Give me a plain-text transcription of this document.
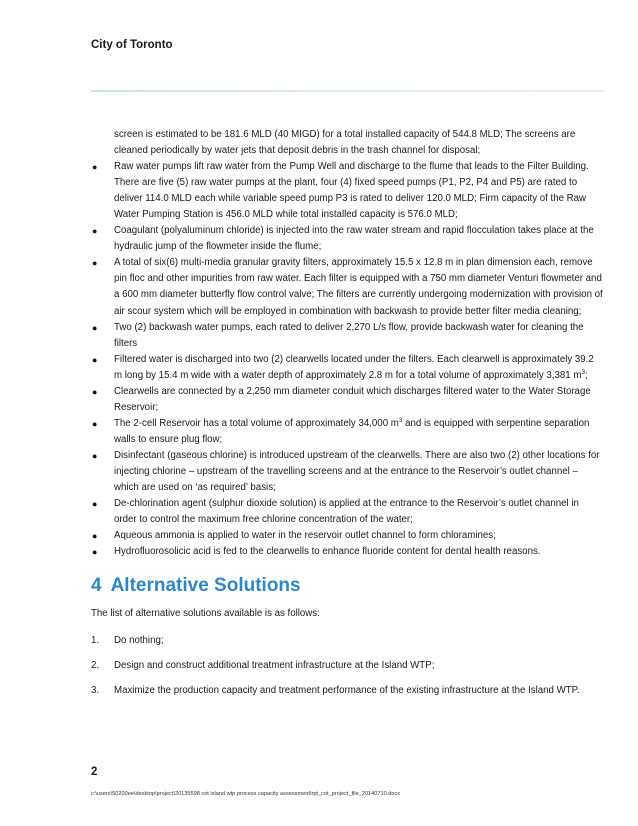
City of Toronto

screen is estimated to be 181.6 MLD (40 MIGD) for a total installed capacity of 544.8 MLD; The screens are cleaned periodically by water jets that deposit debris in the trash channel for disposal;

● Raw water pumps lift raw water from the Pump Well and discharge to the flume that leads to the Filter Building. There are five (5) raw water pumps at the plant, four (4) fixed speed pumps (P1, P2, P4 and P5) are rated to deliver 114.0 MLD each while variable speed pump P3 is rated to deliver 120.0 MLD; Firm capacity of the Raw Water Pumping Station is 456.0 MLD while total installed capacity is 576.0 MLD;
● Coagulant (polyaluminum chloride) is injected into the raw water stream and rapid flocculation takes place at the hydraulic jump of the flowmeter inside the flume;
● A total of six(6) multi-media granular gravity filters, approximately 15.5 x 12.8 m in plan dimension each, remove pin floc and other impurities from raw water. Each filter is equipped with a 750 mm diameter Venturi flowmeter and a 600 mm diameter butterfly flow control valve; The filters are currently undergoing modernization with provision of air scour system which will be employed in combination with backwash to provide better filter media cleaning;
● Two (2) backwash water pumps, each rated to deliver 2,270 L/s flow, provide backwash water for cleaning the filters
● Filtered water is discharged into two (2) clearwells located under the filters. Each clearwell is approximately 39.2 m long by 15.4 m wide with a water depth of approximately 2.8 m for a total volume of approximately 3,381 $m^3$;
● Clearwells are connected by a 2,250 mm diameter conduit which discharges filtered water to the Water Storage Reservoir;
● The 2-cell Reservoir has a total volume of approximately 34,000 $m^3$ and is equipped with serpentine separation walls to ensure plug flow;
● Disinfectant (gaseous chlorine) is introduced upstream of the clearwells. There are also two (2) other locations for injecting chlorine – upstream of the travelling screens and at the entrance to the Reservoir’s outlet channel – which are used on ‘as required’ basis;
● De-chlorination agent (sulphur dioxide solution) is applied at the entrance to the Reservoir’s outlet channel in order to control the maximum free chlorine concentration of the water;
● Aqueous ammonia is applied to water in the reservoir outlet channel to form chloramines;
● Hydrofluorosolicic acid is fed to the clearwells to enhance fluoride content for dental health reasons.
4 Alternative Solutions

The list of alternative solutions available is as follows:

1. Do nothing;
2. Design and construct additional treatment infrastructure at the Island WTP;
3. Maximize the production capacity and treatment performance of the existing infrastructure at the Island WTP.
2
c:\users\50200ee\desktop\project\20135598 cot island wtp process capacity assessment\rpt_cot_project_file_20140710.docx
